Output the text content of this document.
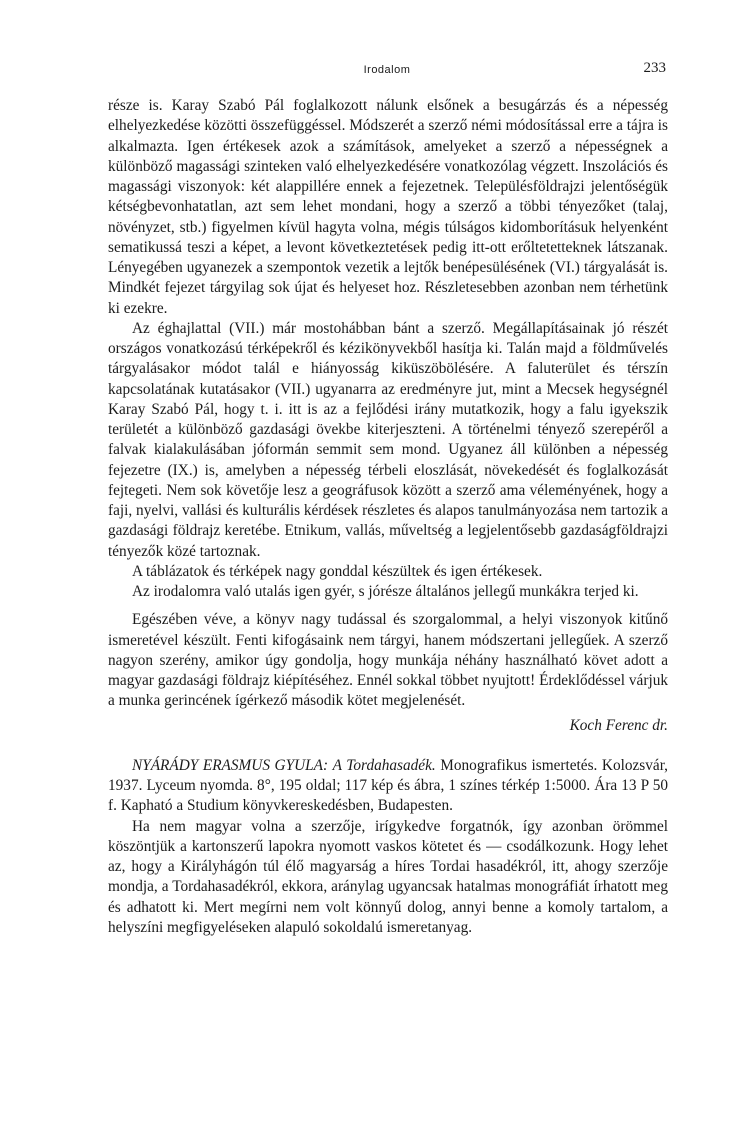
Irodalom	233

része is. Karay Szabó Pál foglalkozott nálunk elsőnek a besugárzás és a népesség elhelyezkedése közötti összefüggéssel. Módszerét a szerző némi módosítással erre a tájra is alkalmazta. Igen értékesek azok a számítások, amelyeket a szerző a népességnek a különböző magassági szinteken való elhelyezkedésére vonatkozólag végzett. Inszolációs és magassági viszonyok: két alappillére ennek a fejezetnek. Településföldrajzi jelentőségük kétségbevonhatatlan, azt sem lehet mondani, hogy a szerző a többi tényezőket (talaj, növényzet, stb.) figyelmen kívül hagyta volna, mégis túlságos kidomborításuk helyenként sematikussá teszi a képet, a levont következtetések pedig itt-ott erőltetetteknek látszanak. Lényegében ugyanezek a szempontok vezetik a lejtők benépesülésének (VI.) tárgyalását is. Mindkét fejezet tárgyilag sok újat és helyeset hoz. Részletesebben azonban nem térhetünk ki ezekre.

Az éghajlattal (VII.) már mostohábban bánt a szerző. Megállapításainak jó részét országos vonatkozású térképekről és kézikönyvekből hasítja ki. Talán majd a földművelés tárgyalásakor módot talál e hiányosság kiküszöbölésére. A faluterület és térszín kapcsolatának kutatásakor (VII.) ugyanarra az eredményre jut, mint a Mecsek hegységnél Karay Szabó Pál, hogy t. i. itt is az a fejlődési irány mutatkozik, hogy a falu igyekszik területét a különböző gazdasági övekbe kiterjeszteni. A történelmi tényező szerepéről a falvak kialakulásában jóformán semmit sem mond. Ugyanez áll különben a népesség fejezetre (IX.) is, amelyben a népesség térbeli eloszlását, növekedését és foglalkozását fejtegeti. Nem sok követője lesz a geográfusok között a szerző ama véleményének, hogy a faji, nyelvi, vallási és kulturális kérdések részletes és alapos tanulmányozása nem tartozik a gazdasági földrajz keretébe. Etnikum, vallás, műveltség a legjelentősebb gazdaságföldrajzi tényezők közé tartoznak.

A táblázatok és térképek nagy gonddal készültek és igen értékesek.

Az irodalomra való utalás igen gyér, s jórésze általános jellegű munkákra terjed ki.

Egészében véve, a könyv nagy tudással és szorgalommal, a helyi viszonyok kitűnő ismeretével készült. Fenti kifogásaink nem tárgyi, hanem módszertani jellegűek. A szerző nagyon szerény, amikor úgy gondolja, hogy munkája néhány használható követ adott a magyar gazdasági földrajz kiépítéséhez. Ennél sokkal többet nyujtott! Érdeklődéssel várjuk a munka gerincének ígérkező második kötet megjelenését.

Koch Ferenc dr.

NYÁRÁDY ERASMUS GYULA: A Tordahasadék. Monografikus ismertetés. Kolozsvár, 1937. Lyceum nyomda. 8°, 195 oldal; 117 kép és ábra, 1 színes térkép 1:5000. Ára 13 P 50 f. Kapható a Studium könyvkereskedésben, Budapesten.

Ha nem magyar volna a szerzője, irígykedve forgatnók, így azonban örömmel köszöntjük a kartonszerű lapokra nyomott vaskos kötetet és — csodálkozunk. Hogy lehet az, hogy a Királyhágón túl élő magyarság a híres Tordai hasadékról, itt, ahogy szerzője mondja, a Tordahasadékról, ekkora, aránylag ugyancsak hatalmas monográfiát írhatott meg és adhatott ki. Mert megírni nem volt könnyű dolog, annyi benne a komoly tartalom, a helyszíni megfigyeléseken alapuló sokoldalú ismeretanyag.
